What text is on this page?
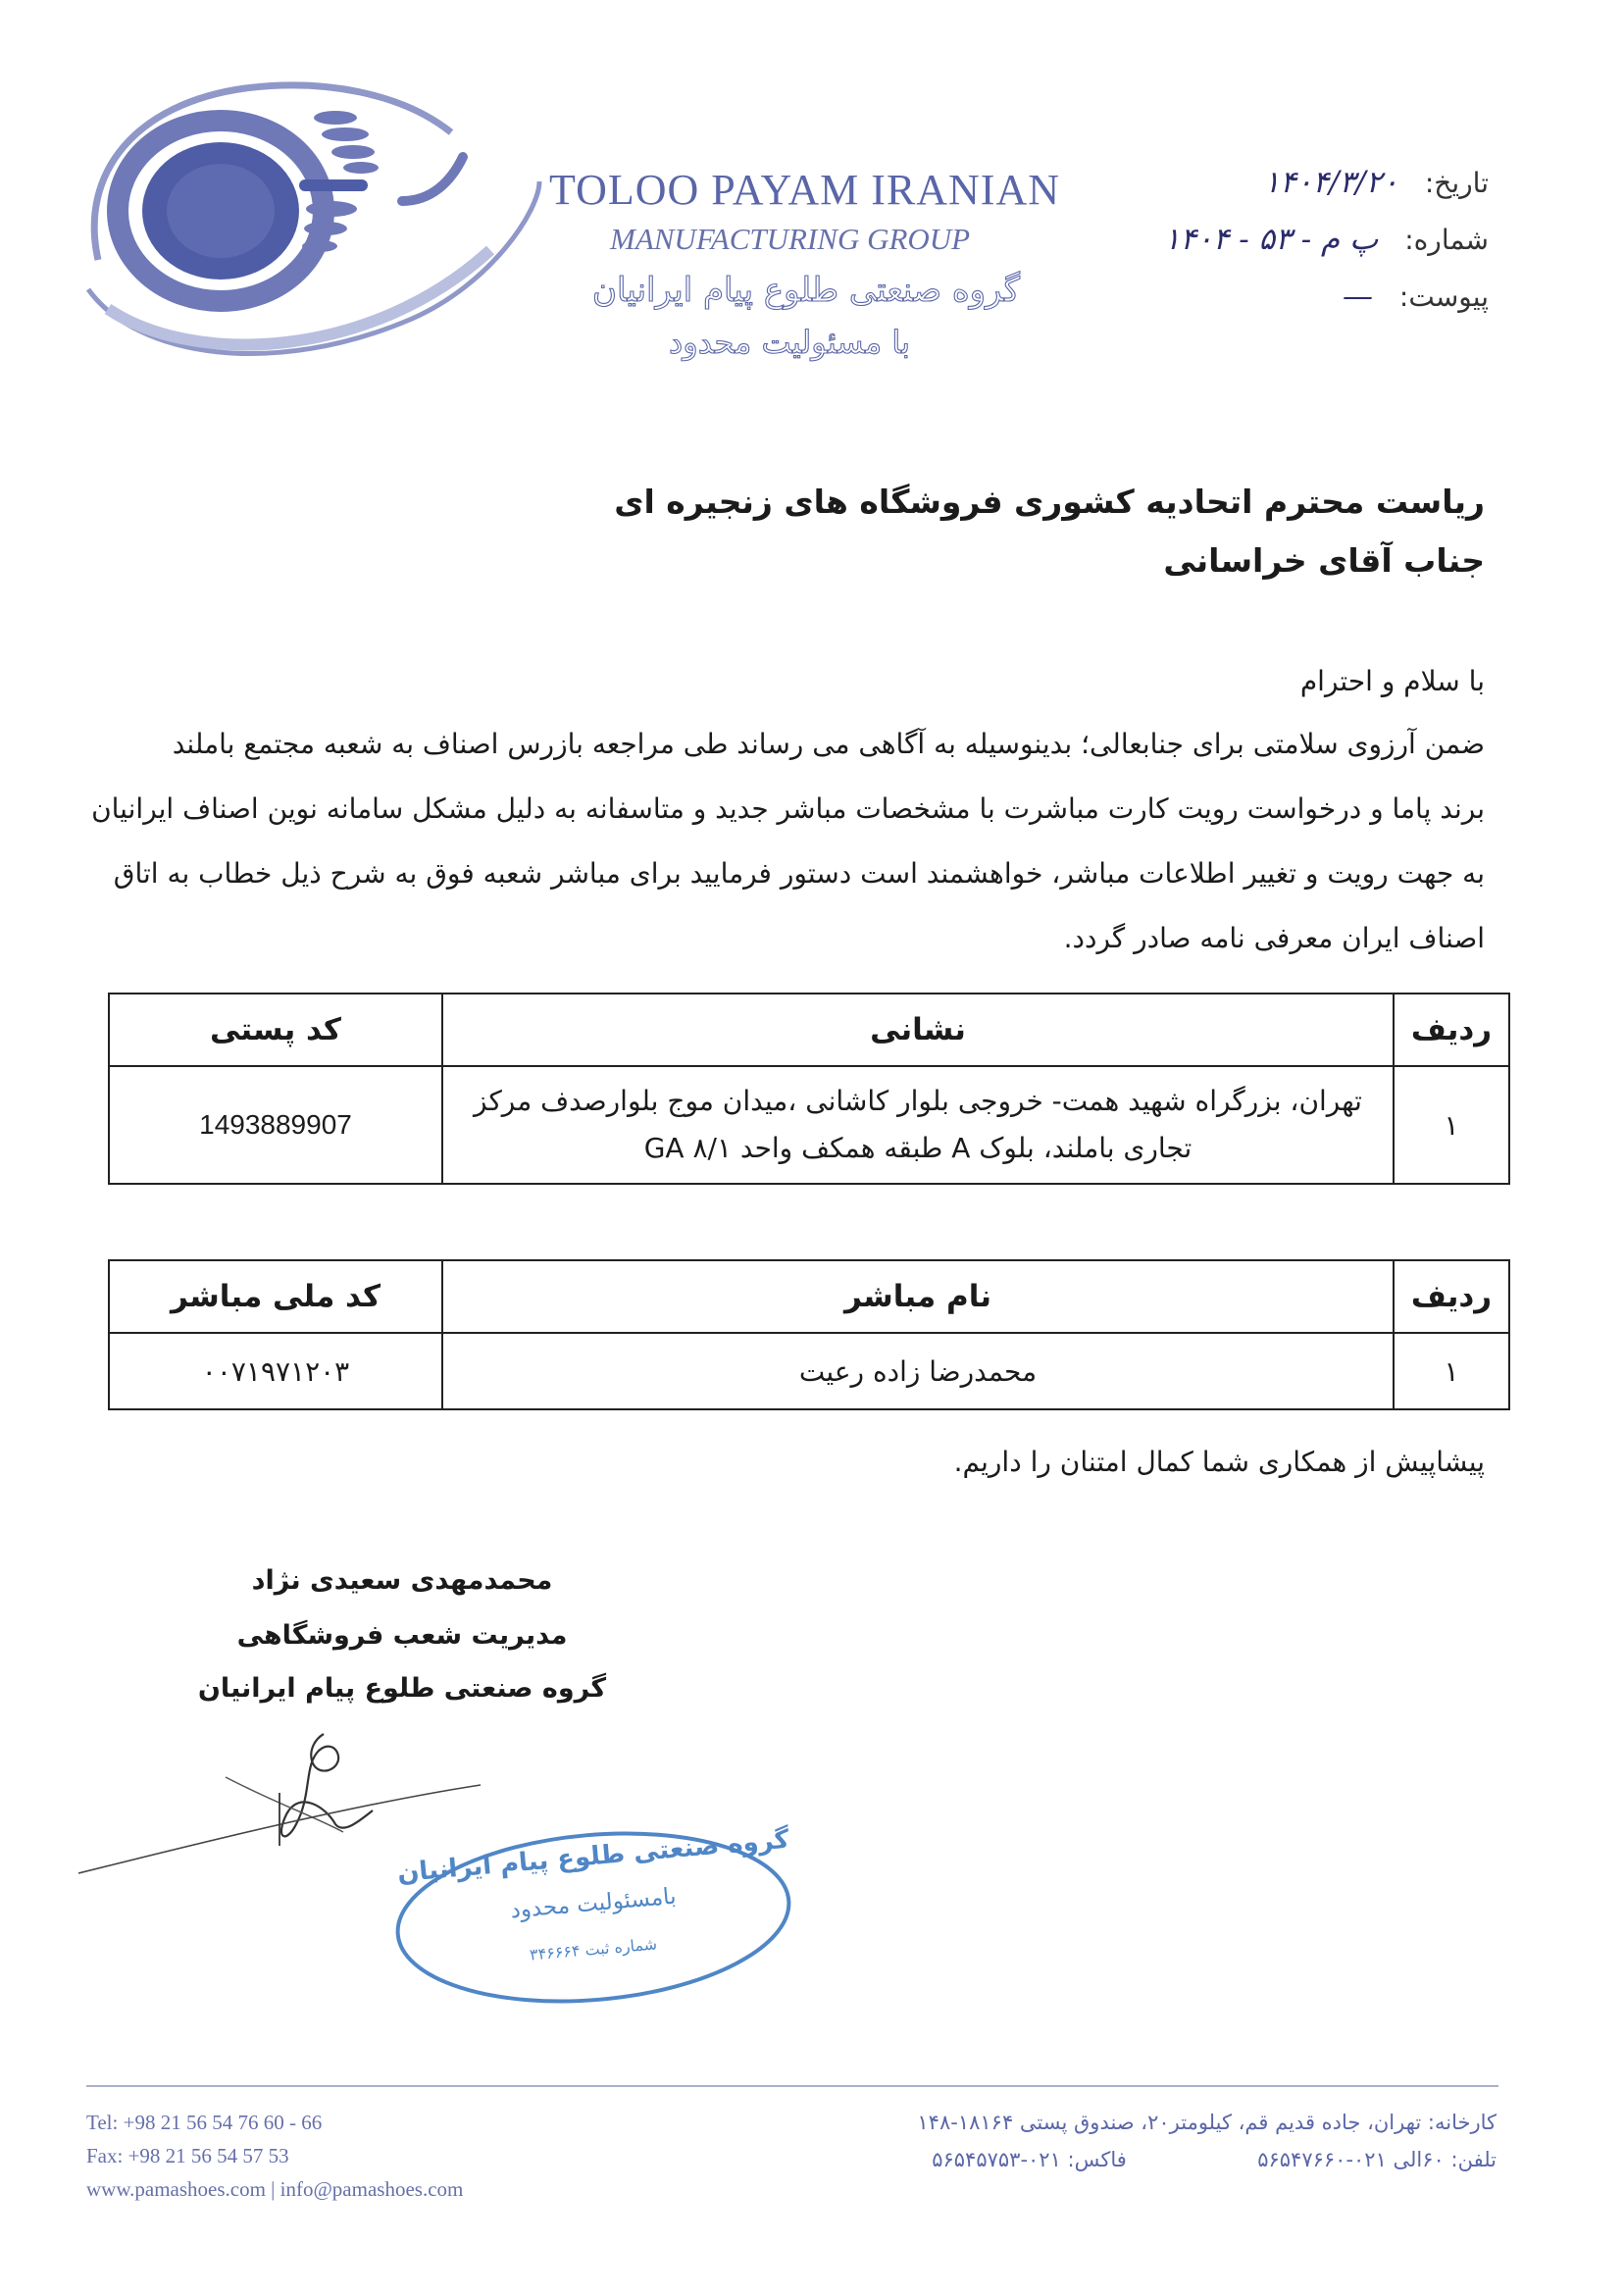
TOLOO PAYAM IRANIAN
MANUFACTURING GROUP
گروه صنعتی طلوع پیام ایرانیان
با مسئولیت محدود
تاریخ: ۱۴۰۴/۳/۲۰
شماره: پ م - ۵۳ - ۱۴۰۴
پیوست: —
ریاست محترم اتحادیه کشوری فروشگاه های زنجیره ای
جناب آقای خراسانی
با سلام و احترام
ضمن آرزوی سلامتی برای جنابعالی؛ بدینوسیله به آگاهی می رساند طی مراجعه بازرس اصناف به شعبه مجتمع باملند
برند پاما و درخواست رویت کارت مباشرت با مشخصات مباشر جدید و متاسفانه به دلیل مشکل سامانه نوین اصناف ایرانیان
به جهت رویت و تغییر اطلاعات مباشر، خواهشمند است دستور فرمایید برای مباشر شعبه فوق به شرح ذیل خطاب به اتاق
اصناف ایران معرفی نامه صادر گردد.
ردیف	نشانی	کد پستی
۱	تهران، بزرگراه شهید همت- خروجی بلوار کاشانی ،میدان موج بلوارصدف مرکز
تجاری باملند، بلوک A طبقه همکف واحد GA ۸/۱	1493889907
ردیف	نام مباشر	کد ملی مباشر
۱	محمدرضا زاده رعیت	۰۰۷۱۹۷۱۲۰۳
پیشاپیش از همکاری شما کمال امتنان را داریم.
محمدمهدی سعیدی نژاد
مدیریت شعب فروشگاهی
گروه صنعتی طلوع پیام ایرانیان
گروه صنعتی طلوع پیام ایرانیان
بامسئولیت محدود
شماره ثبت ۳۴۶۶۶۴
Tel: +98 21 56 54 76 60 - 66
Fax: +98 21 56 54 57 53
www.pamashoes.com | info@pamashoes.com
کارخانه: تهران، جاده قدیم قم، کیلومتر۲۰، صندوق پستی ۱۸۱۶۴-۱۴۸
تلفن: ۶۰الی ۰۲۱-۵۶۵۴۷۶۶۰  فاکس: ۰۲۱-۵۶۵۴۵۷۵۳
